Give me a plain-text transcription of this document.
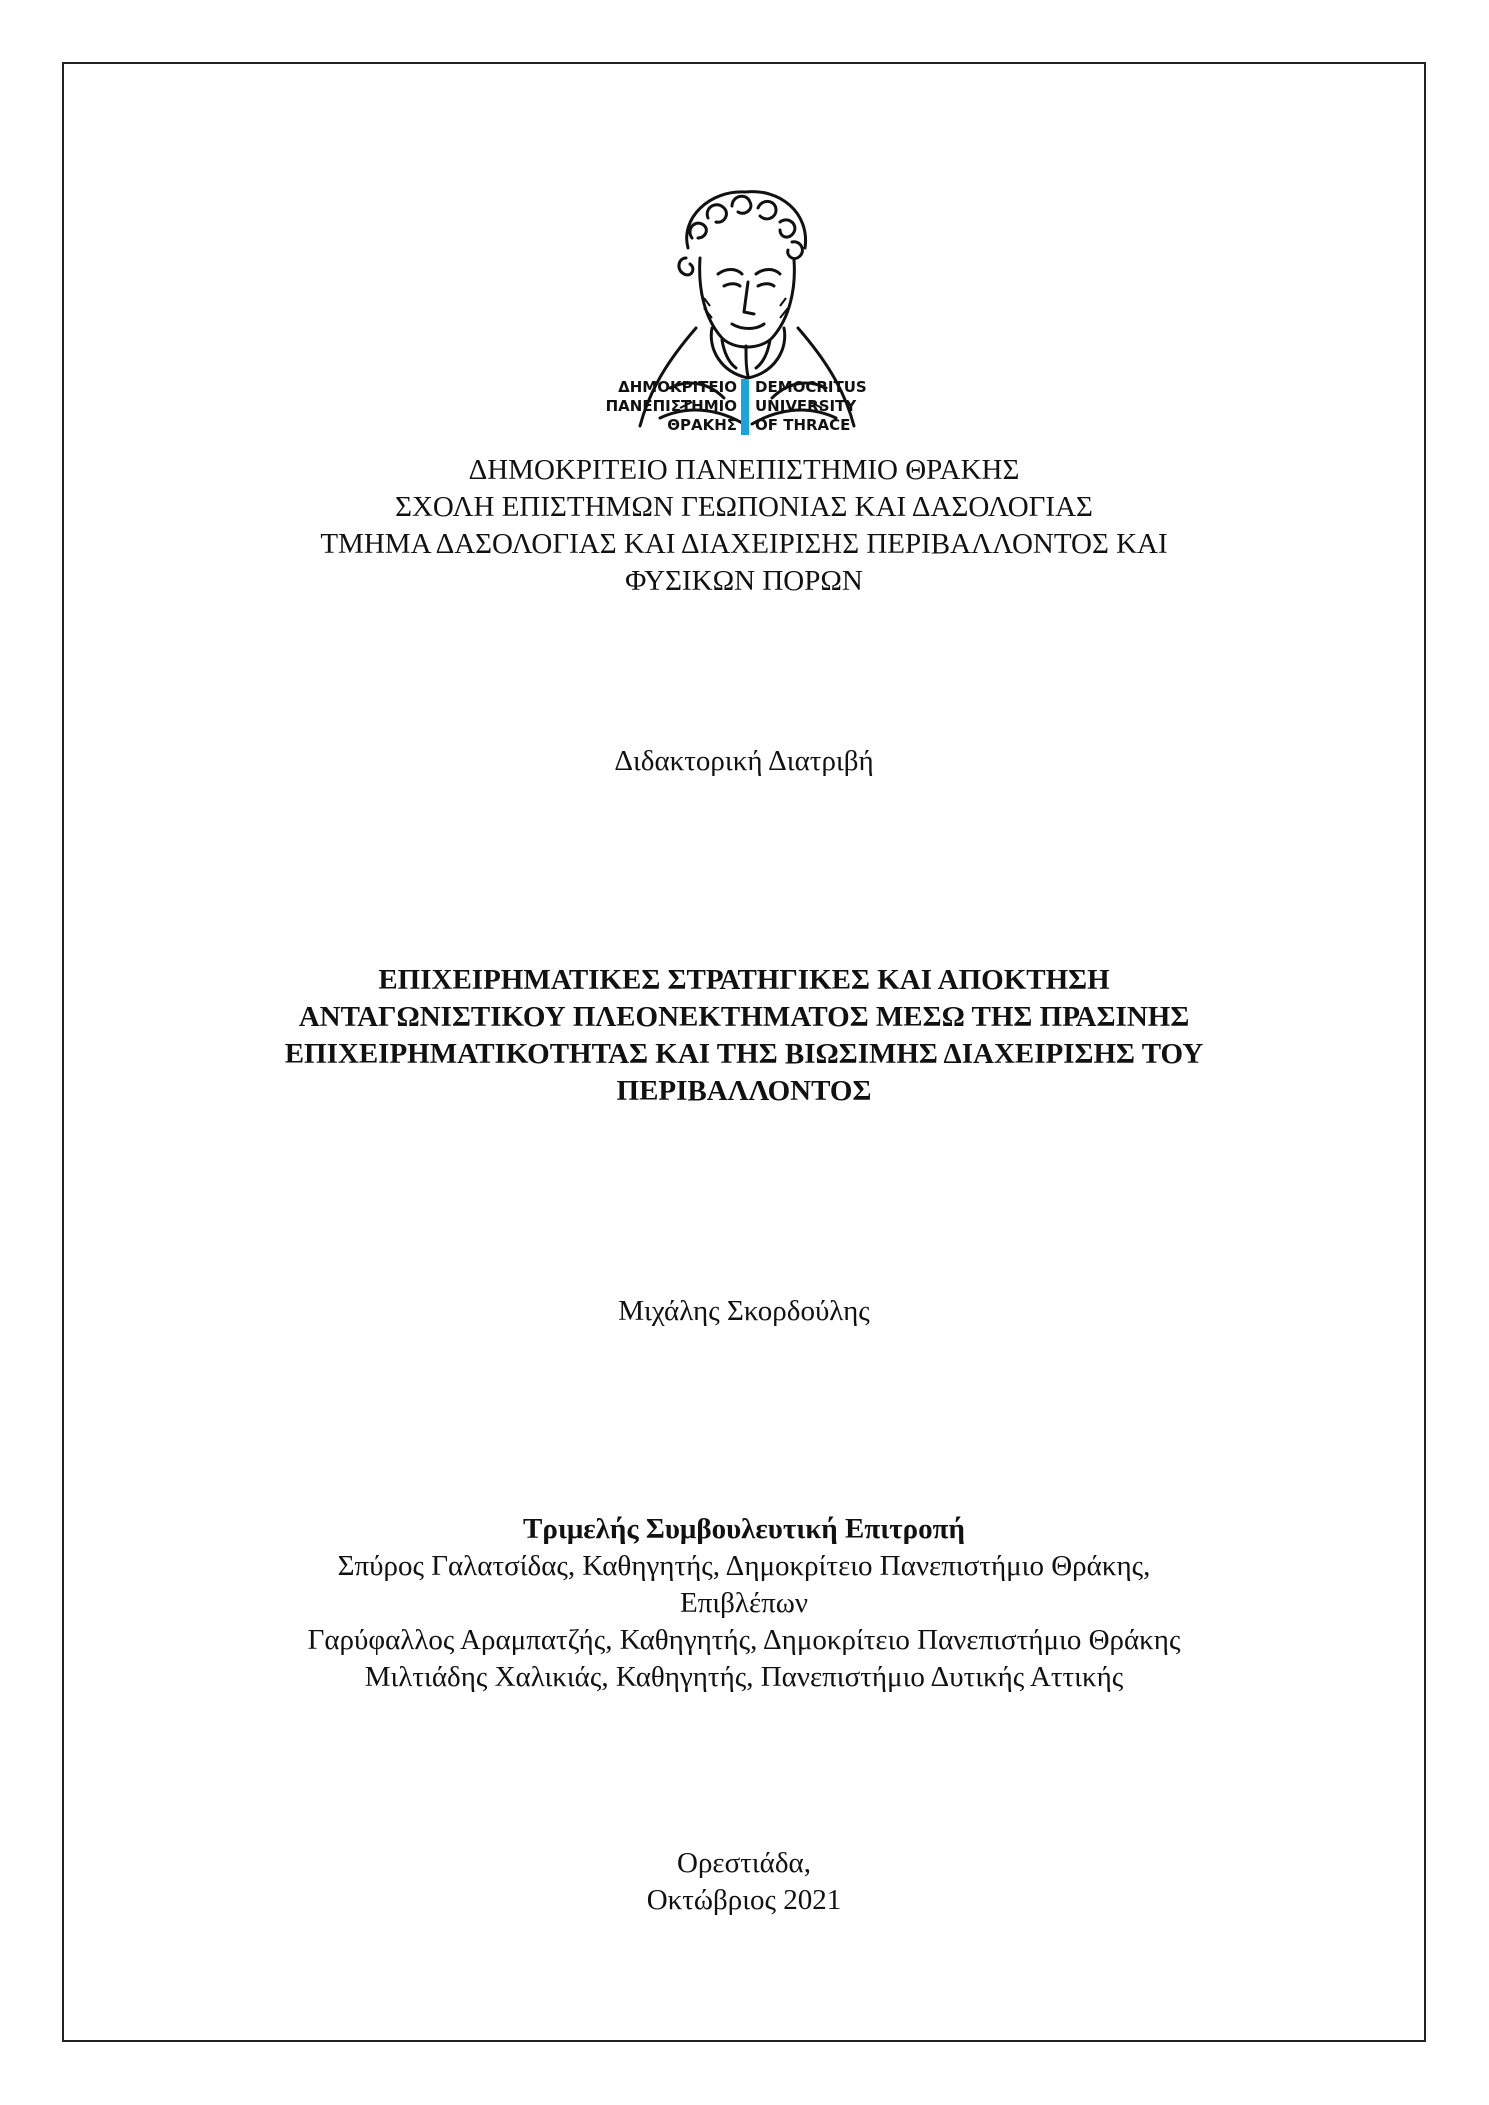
ΔΗΜΟΚΡΙΤΕΙΟ
ΠΑΝΕΠΙΣΤΗΜΙΟ
ΘΡΑΚΗΣ
DEMOCRITUS
UNIVERSITY
OF THRACE
ΔΗΜΟΚΡΙΤΕΙΟ ΠΑΝΕΠΙΣΤΗΜΙΟ ΘΡΑΚΗΣ
ΣΧΟΛΗ ΕΠΙΣΤΗΜΩΝ ΓΕΩΠΟΝΙΑΣ ΚΑΙ ΔΑΣΟΛΟΓΙΑΣ
ΤΜΗΜΑ ΔΑΣΟΛΟΓΙΑΣ ΚΑΙ ΔΙΑΧΕΙΡΙΣΗΣ ΠΕΡΙΒΑΛΛΟΝΤΟΣ ΚΑΙ
ΦΥΣΙΚΩΝ ΠΟΡΩΝ
Διδακτορική Διατριβή
ΕΠΙΧΕΙΡΗΜΑΤΙΚΕΣ ΣΤΡΑΤΗΓΙΚΕΣ ΚΑΙ ΑΠΟΚΤΗΣΗ
ΑΝΤΑΓΩΝΙΣΤΙΚΟΥ ΠΛΕΟΝΕΚΤΗΜΑΤΟΣ ΜΕΣΩ ΤΗΣ ΠΡΑΣΙΝΗΣ
ΕΠΙΧΕΙΡΗΜΑΤΙΚΟΤΗΤΑΣ ΚΑΙ ΤΗΣ ΒΙΩΣΙΜΗΣ ΔΙΑΧΕΙΡΙΣΗΣ ΤΟΥ
ΠΕΡΙΒΑΛΛΟΝΤΟΣ
Μιχάλης Σκορδούλης
Τριμελής Συμβουλευτική Επιτροπή
Σπύρος Γαλατσίδας, Καθηγητής, Δημοκρίτειο Πανεπιστήμιο Θράκης,
Επιβλέπων
Γαρύφαλλος Αραμπατζής, Καθηγητής, Δημοκρίτειο Πανεπιστήμιο Θράκης
Μιλτιάδης Χαλικιάς, Καθηγητής, Πανεπιστήμιο Δυτικής Αττικής
Ορεστιάδα,
Οκτώβριος 2021
